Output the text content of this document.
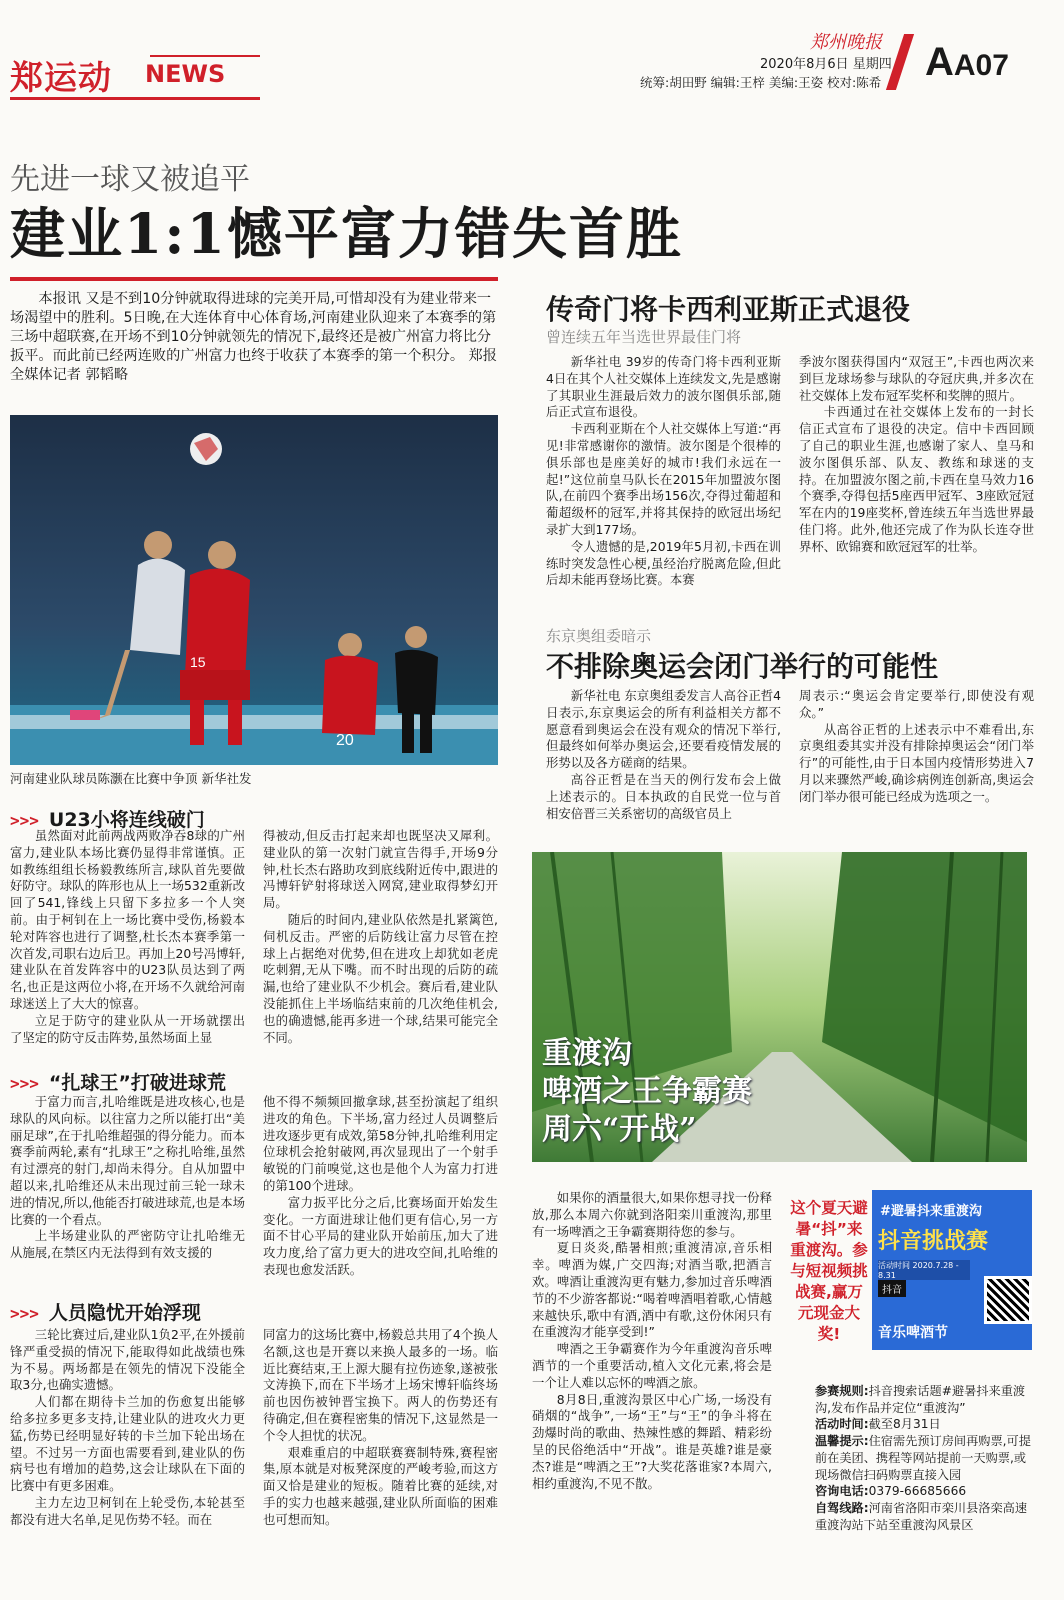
郑运动 NEWS
郑州晚报
2020年8月6日 星期四
统筹:胡田野 编辑:王梓 美编:王姿 校对:陈希 AA07
先进一球又被追平
建业1:1憾平富力错失首胜
本报讯 又是不到10分钟就取得进球的完美开局,可惜却没有为建业带来一场渴望中的胜利。5日晚,在大连体育中心体育场,河南建业队迎来了本赛季的第三场中超联赛,在开场不到10分钟就领先的情况下,最终还是被广州富力将比分扳平。而此前已经两连败的广州富力也终于收获了本赛季的第一个积分。 郑报全媒体记者 郭韬略
15
20
河南建业队球员陈灏在比赛中争顶 新华社发
>>> U23小将连线破门

虽然面对此前两战两败净吞8球的广州富力,建业队本场比赛仍显得非常谨慎。正如教练组组长杨毅教练所言,球队首先要做好防守。球队的阵形也从上一场532重新改回了541,锋线上只留下多拉多一个人突前。由于柯钊在上一场比赛中受伤,杨毅本轮对阵容也进行了调整,杜长杰本赛季第一次首发,司职右边后卫。再加上20号冯博轩,建业队在首发阵容中的U23队员达到了两名,也正是这两位小将,在开场不久就给河南球迷送上了大大的惊喜。

立足于防守的建业队从一开场就摆出了坚定的防守反击阵势,虽然场面上显

得被动,但反击打起来却也既坚决又犀利。建业队的第一次射门就宣告得手,开场9分钟,杜长杰右路助攻到底线附近传中,跟进的冯博轩铲射将球送入网窝,建业取得梦幻开局。

随后的时间内,建业队依然是扎紧篱笆,伺机反击。严密的后防线让富力尽管在控球上占据绝对优势,但在进攻上却犹如老虎吃刺猬,无从下嘴。而不时出现的后防的疏漏,也给了建业队不少机会。赛后看,建业队没能抓住上半场临结束前的几次绝佳机会,也的确遗憾,能再多进一个球,结果可能完全不同。

>>> “扎球王”打破进球荒

于富力而言,扎哈维既是进攻核心,也是球队的风向标。以往富力之所以能打出“美丽足球”,在于扎哈维超强的得分能力。而本赛季前两轮,素有“扎球王”之称扎哈维,虽然有过漂亮的射门,却尚未得分。自从加盟中超以来,扎哈维还从未出现过前三轮一球未进的情况,所以,他能否打破进球荒,也是本场比赛的一个看点。

上半场建业队的严密防守让扎哈维无从施展,在禁区内无法得到有效支援的

他不得不频频回撤拿球,甚至扮演起了组织进攻的角色。下半场,富力经过人员调整后进攻逐步更有成效,第58分钟,扎哈维利用定位球机会抢射破网,再次显现出了一个射手敏锐的门前嗅觉,这也是他个人为富力打进的第100个进球。

富力扳平比分之后,比赛场面开始发生变化。一方面进球让他们更有信心,另一方面不甘心平局的建业队开始前压,加大了进攻力度,给了富力更大的进攻空间,扎哈维的表现也愈发活跃。

>>> 人员隐忧开始浮现

三轮比赛过后,建业队1负2平,在外援前锋严重受损的情况下,能取得如此战绩也殊为不易。两场都是在领先的情况下没能全取3分,也确实遗憾。

人们都在期待卡兰加的伤愈复出能够给多拉多更多支持,让建业队的进攻火力更猛,伤势已经明显好转的卡兰加下轮出场在望。不过另一方面也需要看到,建业队的伤病号也有增加的趋势,这会让球队在下面的比赛中有更多困难。

主力左边卫柯钊在上轮受伤,本轮甚至都没有进大名单,足见伤势不轻。而在

同富力的这场比赛中,杨毅总共用了4个换人名额,这也是开赛以来换人最多的一场。临近比赛结束,王上源大腿有拉伤迹象,遂被张文涛换下,而在下半场才上场宋博轩临终场前也因伤被钟晋宝换下。两人的伤势还有待确定,但在赛程密集的情况下,这显然是一个令人担忧的状况。

艰难重启的中超联赛赛制特殊,赛程密集,原本就是对板凳深度的严峻考验,而这方面又恰是建业的短板。随着比赛的延续,对手的实力也越来越强,建业队所面临的困难也可想而知。

传奇门将卡西利亚斯正式退役
曾连续五年当选世界最佳门将

新华社电 39岁的传奇门将卡西利亚斯4日在其个人社交媒体上连续发文,先是感谢了其职业生涯最后效力的波尔图俱乐部,随后正式宣布退役。

卡西利亚斯在个人社交媒体上写道:“再见!非常感谢你的激情。波尔图是个很棒的俱乐部也是座美好的城市!我们永远在一起!”这位前皇马队长在2015年加盟波尔图队,在前四个赛季出场156次,夺得过葡超和葡超级杯的冠军,并将其保持的欧冠出场纪录扩大到177场。

令人遗憾的是,2019年5月初,卡西在训练时突发急性心梗,虽经治疗脱离危险,但此后却未能再登场比赛。本赛

季波尔图获得国内“双冠王”,卡西也两次来到巨龙球场参与球队的夺冠庆典,并多次在社交媒体上发布冠军奖杯和奖牌的照片。

卡西通过在社交媒体上发布的一封长信正式宣布了退役的决定。信中卡西回顾了自己的职业生涯,也感谢了家人、皇马和波尔图俱乐部、队友、教练和球迷的支持。在加盟波尔图之前,卡西在皇马效力16个赛季,夺得包括5座西甲冠军、3座欧冠冠军在内的19座奖杯,曾连续五年当选世界最佳门将。此外,他还完成了作为队长连夺世界杯、欧锦赛和欧冠冠军的壮举。

东京奥组委暗示
不排除奥运会闭门举行的可能性

新华社电 东京奥组委发言人高谷正哲4日表示,东京奥运会的所有利益相关方都不愿意看到奥运会在没有观众的情况下举行,但最终如何举办奥运会,还要看疫情发展的形势以及各方磋商的结果。

高谷正哲是在当天的例行发布会上做上述表示的。日本执政的自民党一位与首相安倍晋三关系密切的高级官员上

周表示:“奥运会肯定要举行,即使没有观众。”

从高谷正哲的上述表示中不难看出,东京奥组委其实并没有排除掉奥运会“闭门举行”的可能性,由于日本国内疫情形势进入7月以来骤然严峻,确诊病例连创新高,奥运会闭门举办很可能已经成为选项之一。

重渡沟
啤酒之王争霸赛
周六“开战”

如果你的酒量很大,如果你想寻找一份释放,那么本周六你就到洛阳栾川重渡沟,那里有一场啤酒之王争霸赛期待您的参与。

夏日炎炎,酷暑相煎;重渡清凉,音乐相幸。啤酒为媒,广交四海;对酒当歌,把酒言欢。啤酒让重渡沟更有魅力,参加过音乐啤酒节的不少游客都说:“喝着啤酒唱着歌,心情越来越快乐,歌中有酒,酒中有歌,这份休闲只有在重渡沟才能享受到!”

啤酒之王争霸赛作为今年重渡沟音乐啤酒节的一个重要活动,植入文化元素,将会是一个让人难以忘怀的啤酒之旅。

8月8日,重渡沟景区中心广场,一场没有硝烟的“战争”,一场“王”与“王”的争斗将在劲爆时尚的歌曲、热辣性感的舞蹈、精彩纷呈的民俗绝活中“开战”。谁是英雄?谁是豪杰?谁是“啤酒之王”?大奖花落谁家?本周六,相约重渡沟,不见不散。

这个夏天避暑“抖”来重渡沟。参与短视频挑战赛,赢万元现金大奖!
#避暑抖来重渡沟
抖音挑战赛
活动时间 2020.7.28 - 8.31
抖音
音乐啤酒节
参赛规则:抖音搜索话题#避暑抖来重渡沟,发布作品并定位“重渡沟”
活动时间:截至8月31日
温馨提示:住宿需先预订房间再购票,可提前在美团、携程等网站提前一天购票,或现场微信扫码购票直接入园
咨询电话:0379-66685666
自驾线路:河南省洛阳市栾川县洛栾高速重渡沟站下站至重渡沟风景区
